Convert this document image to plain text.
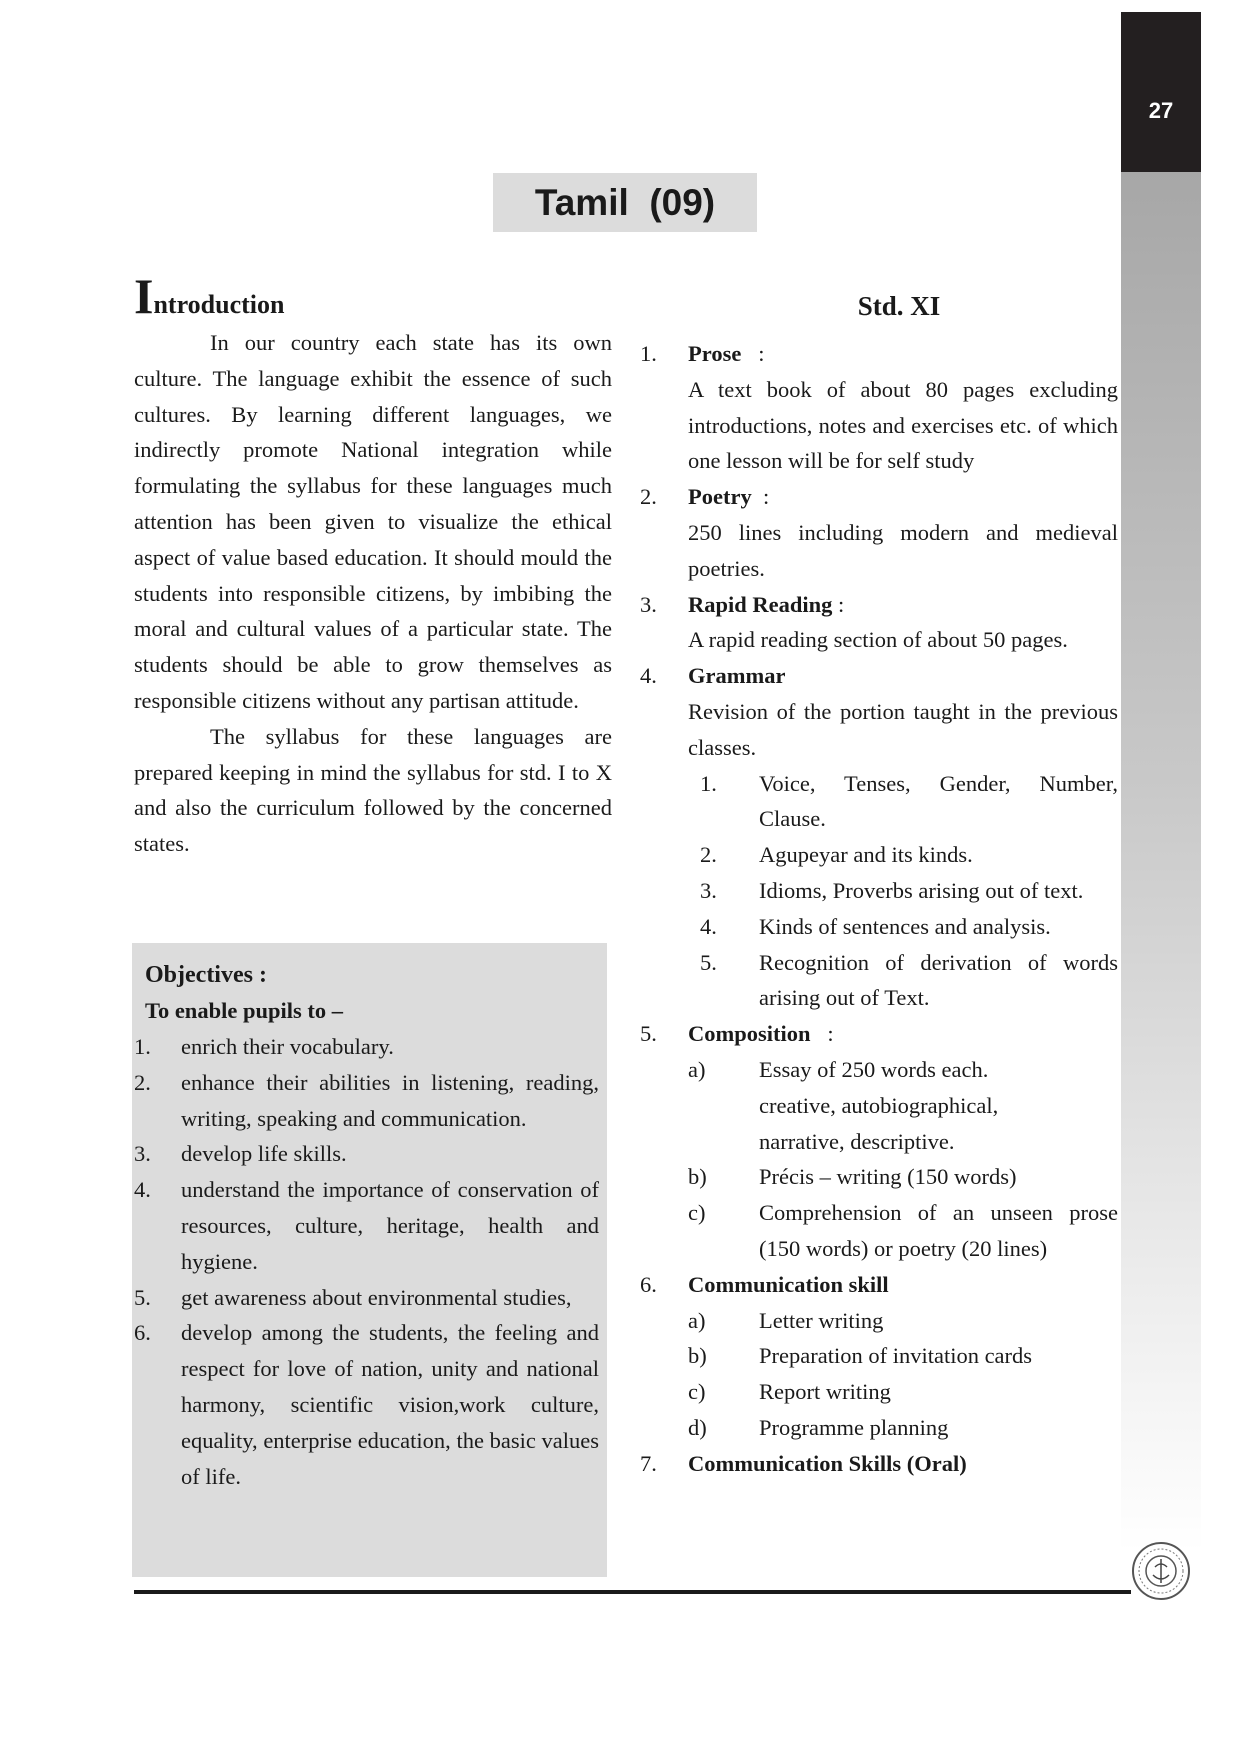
27
Tamil  (09)

Introduction

In our country each state has its own culture. The language exhibit the essence of such cultures. By learning different languages, we indirectly promote National integration while formulating the syllabus for these languages much attention has been given to visualize the ethical aspect of value based education. It should mould the students into responsible citizens, by imbibing the moral and cultural values of a particular state. The students should be able to grow themselves as responsible citizens without any partisan attitude.

The syllabus for these languages are prepared keeping in mind the syllabus for std. I to X and also the curriculum followed by the concerned states.

Objectives :

To enable pupils to –

1.	enrich their vocabulary.
2.	enhance their abilities in listening, reading, writing, speaking and communication.
3.	develop life skills.
4.	understand the importance of conservation of resources, culture, heritage, health and hygiene.
5.	get awareness about environmental studies,
6.	develop among the students, the feeling and respect for love of nation, unity and national harmony, scientific vision,work culture, equality, enterprise education, the basic values of life.

Std. XI

1.	Prose :
A text book of about 80 pages excluding introductions, notes and exercises etc. of which one lesson will be for self study
2.	Poetry :
250 lines including modern and medieval poetries.
3.	Rapid Reading :
A rapid reading section of about 50 pages.
4.	Grammar
Revision of the portion taught in the previous classes.
1.	Voice, Tenses, Gender, Number, Clause.
2.	Agupeyar and its kinds.
3.	Idioms, Proverbs arising out of text.
4.	Kinds of sentences and analysis.
5.	Recognition of derivation of words arising out of Text.
5.	Composition :
a)	Essay of 250 words each.
creative, autobiographical,
narrative, descriptive.
b)	Précis – writing (150 words)
c)	Comprehension of an unseen prose (150 words) or poetry (20 lines)
6.	Communication skill
a)	Letter writing
b)	Preparation of invitation cards
c)	Report writing
d)	Programme planning
7.	Communication Skills (Oral)
